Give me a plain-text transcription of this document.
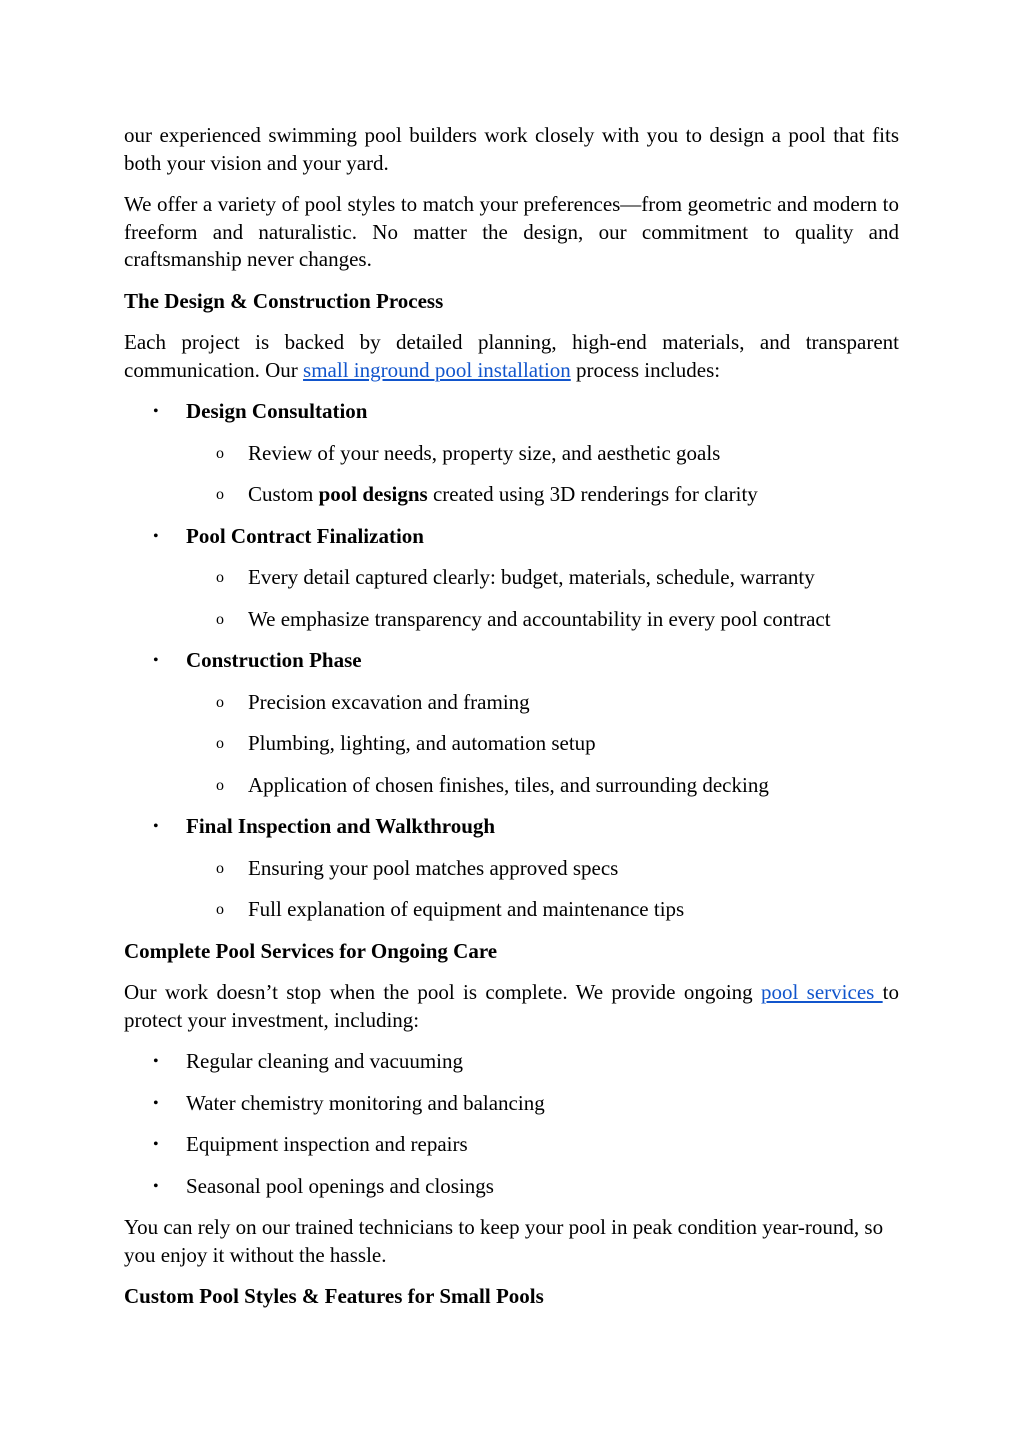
our experienced swimming pool builders work closely with you to design a pool that fits both your vision and your yard.

We offer a variety of pool styles to match your preferences—from geometric and modern to freeform and naturalistic. No matter the design, our commitment to quality and craftsmanship never changes.

The Design & Construction Process

Each project is backed by detailed planning, high-end materials, and transparent communication. Our small inground pool installation process includes:

• Design Consultation
o Review of your needs, property size, and aesthetic goals
o Custom pool designs created using 3D renderings for clarity
• Pool Contract Finalization
o Every detail captured clearly: budget, materials, schedule, warranty
o We emphasize transparency and accountability in every pool contract
• Construction Phase
o Precision excavation and framing
o Plumbing, lighting, and automation setup
o Application of chosen finishes, tiles, and surrounding decking
• Final Inspection and Walkthrough
o Ensuring your pool matches approved specs
o Full explanation of equipment and maintenance tips
Complete Pool Services for Ongoing Care

Our work doesn’t stop when the pool is complete. We provide ongoing pool services to protect your investment, including:

• Regular cleaning and vacuuming
• Water chemistry monitoring and balancing
• Equipment inspection and repairs
• Seasonal pool openings and closings

You can rely on our trained technicians to keep your pool in peak condition year-round, so you enjoy it without the hassle.

Custom Pool Styles & Features for Small Pools
